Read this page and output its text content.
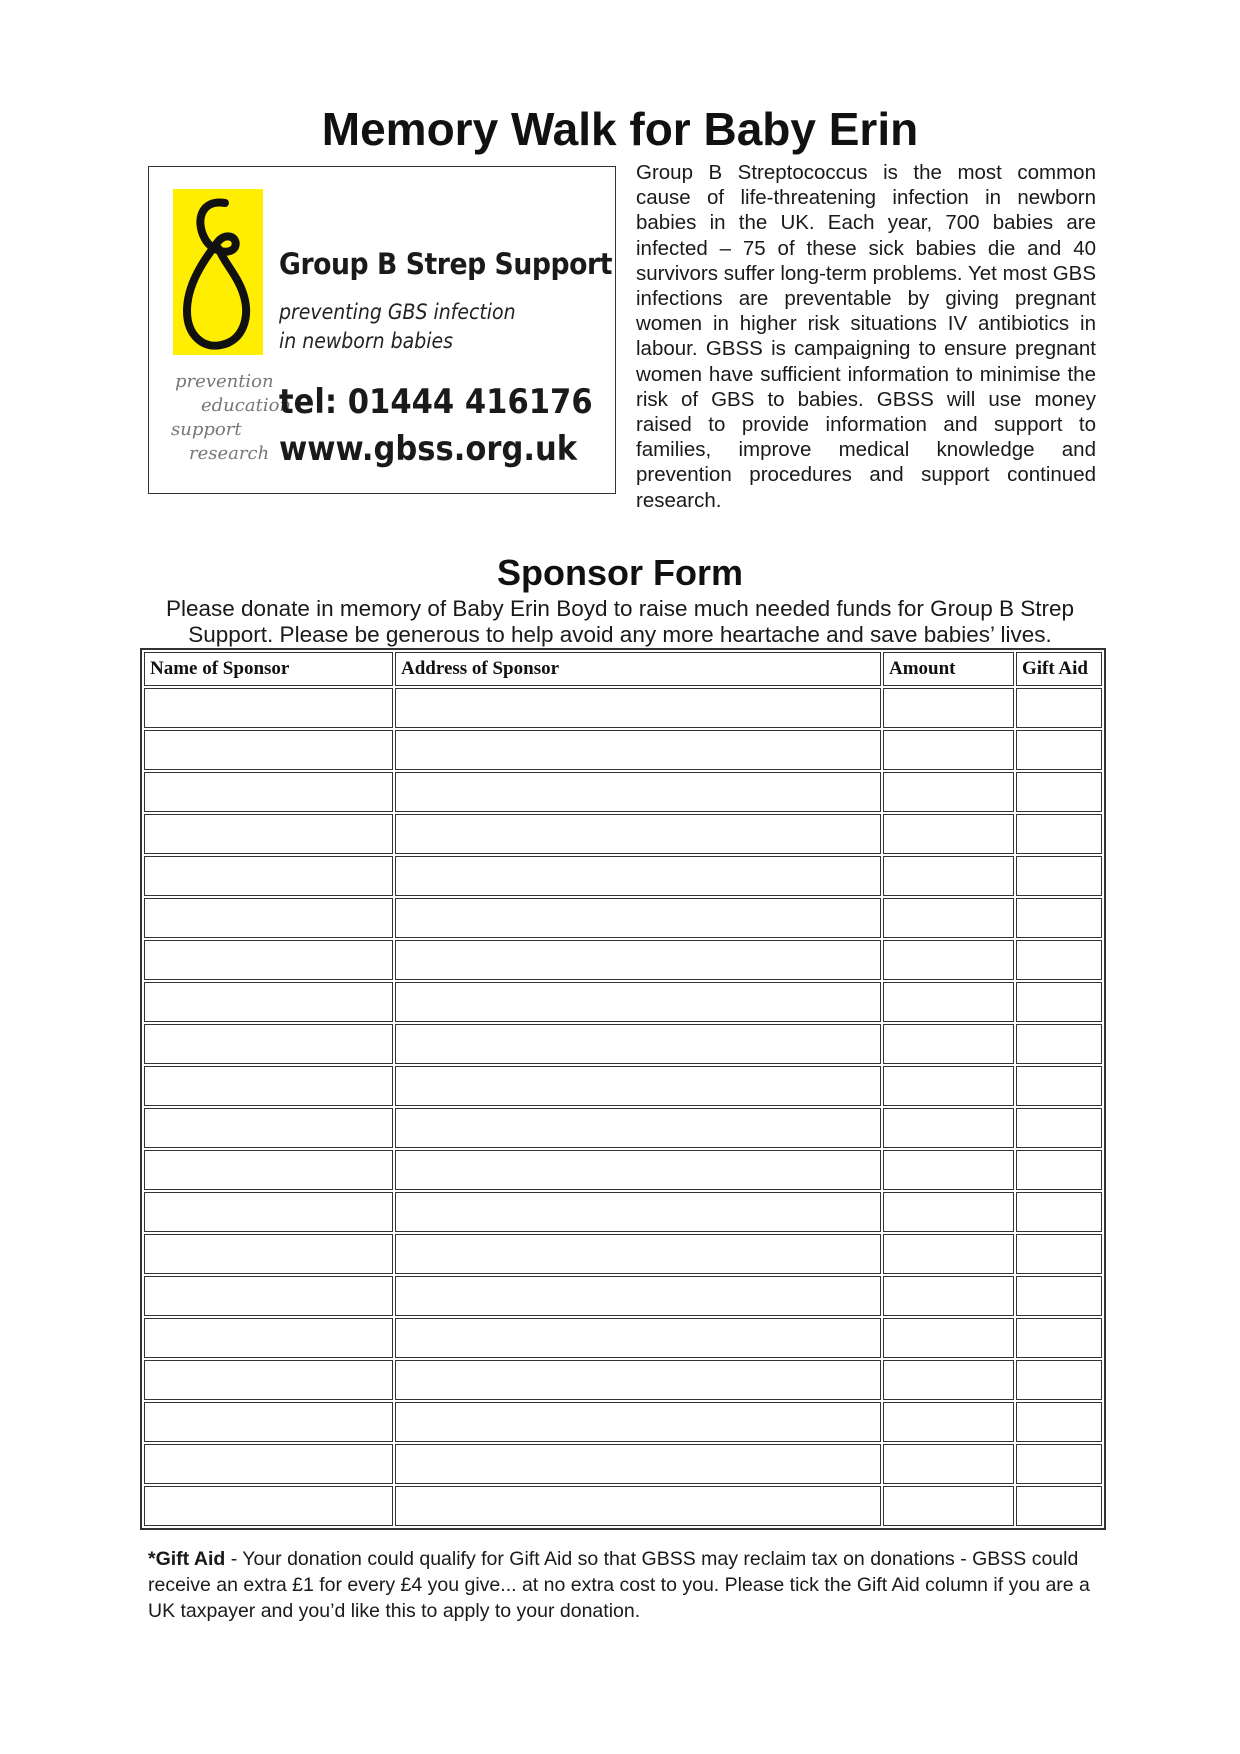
Memory Walk for Baby Erin
Group B Strep Support
preventing GBS infection
in newborn babies
prevention
education
support
research
tel: 01444 416176
www.gbss.org.uk

Group B Streptococcus is the most common cause of life-threatening infection in newborn babies in the UK. Each year, 700 babies are infected – 75 of these sick babies die and 40 survivors suffer long-term problems. Yet most GBS infections are preventable by giving pregnant women in higher risk situations IV antibiotics in labour. GBSS is campaigning to ensure pregnant women have sufficient information to minimise the risk of GBS to babies. GBSS will use money raised to provide information and support to families, improve medical knowledge and prevention procedures and support continued research.

Sponsor Form

Please donate in memory of Baby Erin Boyd to raise much needed funds for Group B Strep Support. Please be generous to help avoid any more heartache and save babies’ lives.

Name of Sponsor	Address of Sponsor	Amount	Gift Aid

*Gift Aid - Your donation could qualify for Gift Aid so that GBSS may reclaim tax on donations - GBSS could receive an extra £1 for every £4 you give... at no extra cost to you. Please tick the Gift Aid column if you are a UK taxpayer and you’d like this to apply to your donation.
